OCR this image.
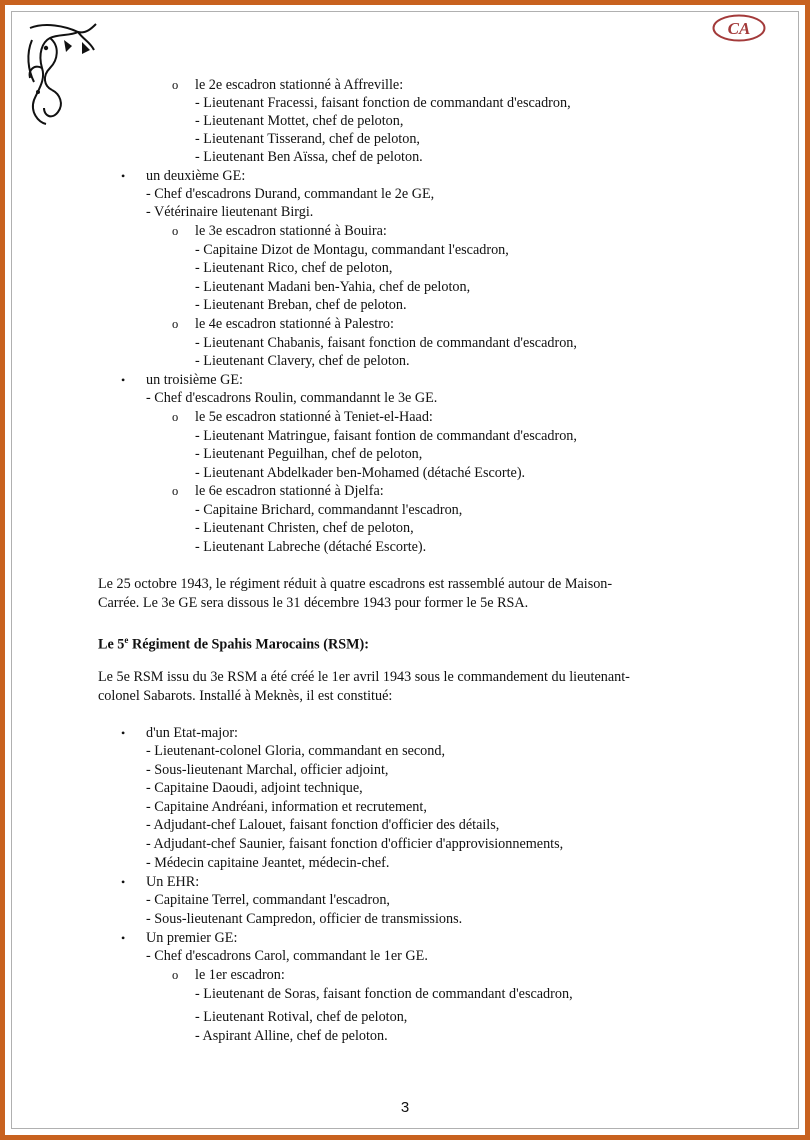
CA
o le 2e escadron stationné à Affreville:
- Lieutenant Fracessi, faisant fonction de commandant d'escadron,
- Lieutenant Mottet, chef de peloton,
- Lieutenant Tisserand, chef de peloton,
- Lieutenant Ben Aïssa, chef de peloton.
• un deuxième GE:
- Chef d'escadrons Durand, commandant le 2e GE,
- Vétérinaire lieutenant Birgi.
o le 3e escadron stationné à Bouira:
- Capitaine Dizot de Montagu, commandant l'escadron,
- Lieutenant Rico, chef de peloton,
- Lieutenant Madani ben-Yahia, chef de peloton,
- Lieutenant Breban, chef de peloton.
o le 4e escadron stationné à Palestro:
- Lieutenant Chabanis, faisant fonction de commandant d'escadron,
- Lieutenant Clavery, chef de peloton.
• un troisième GE:
- Chef d'escadrons Roulin, commandannt le 3e GE.
o le 5e escadron stationné à Teniet-el-Haad:
- Lieutenant Matringue, faisant fontion de commandant d'escadron,
- Lieutenant Peguilhan, chef de peloton,
- Lieutenant Abdelkader ben-Mohamed (détaché Escorte).
o le 6e escadron stationné à Djelfa:
- Capitaine Brichard, commandannt l'escadron,
- Lieutenant Christen, chef de peloton,
- Lieutenant Labreche (détaché Escorte).
Le 25 octobre 1943, le régiment réduit à quatre escadrons est rassemblé autour de Maison-
Carrée. Le 3e GE sera dissous le 31 décembre 1943 pour former le 5e RSA.
Le 5e Régiment de Spahis Marocains (RSM):
Le 5e RSM issu du 3e RSM a été créé le 1er avril 1943 sous le commandement du lieutenant-
colonel Sabarots. Installé à Meknès, il est constitué:
• d'un Etat-major:
- Lieutenant-colonel Gloria, commandant en second,
- Sous-lieutenant Marchal, officier adjoint,
- Capitaine Daoudi, adjoint technique,
- Capitaine Andréani, information et recrutement,
- Adjudant-chef Lalouet, faisant fonction d'officier des détails,
- Adjudant-chef Saunier, faisant fonction d'officier d'approvisionnements,
- Médecin capitaine Jeantet, médecin-chef.
• Un EHR:
- Capitaine Terrel, commandant l'escadron,
- Sous-lieutenant Campredon, officier de transmissions.
• Un premier GE:
- Chef d'escadrons Carol, commandant le 1er GE.
o le 1er escadron:
- Lieutenant de Soras, faisant fonction de commandant d'escadron,
- Lieutenant Rotival, chef de peloton,
- Aspirant Alline, chef de peloton.
3
